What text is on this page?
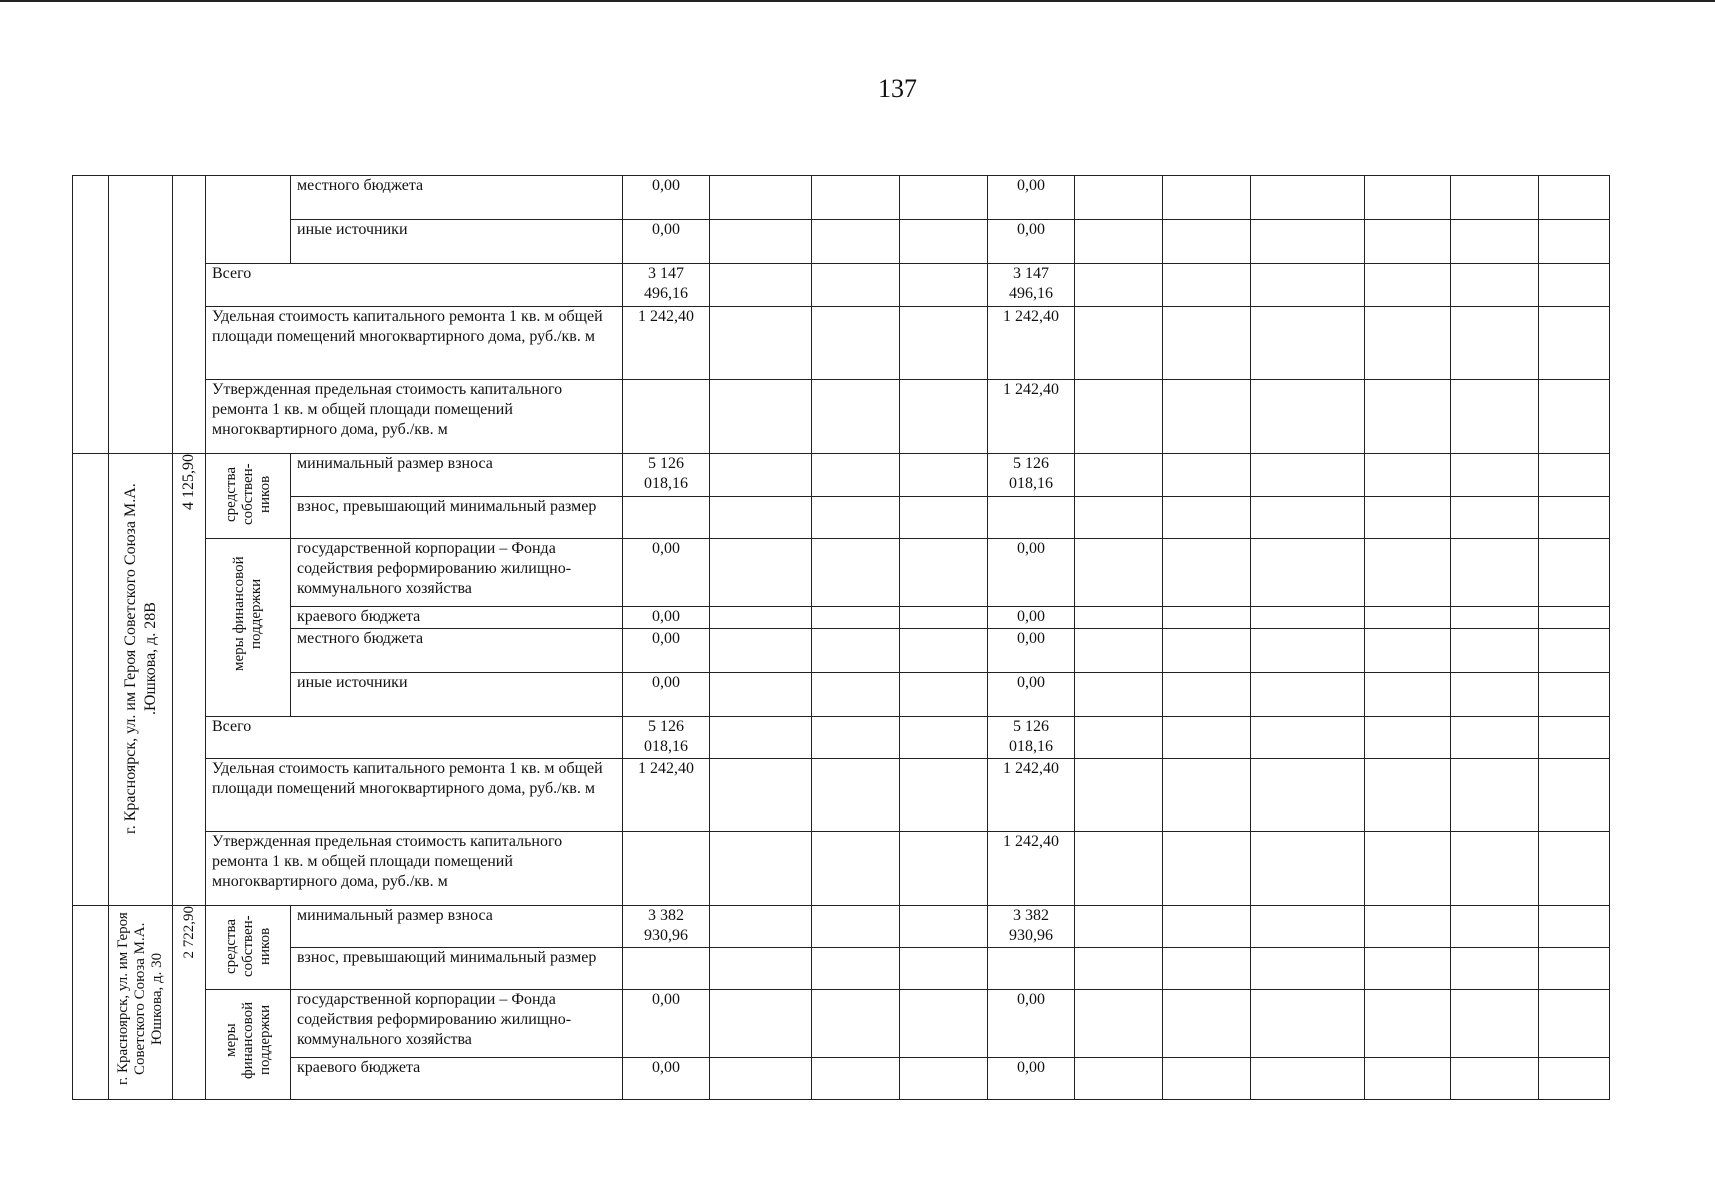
137
				местного бюджета	0,00				0,00						
				иные источники	0,00				0,00						
			Всего		3 147 496,16				3 147 496,16						
			Удельная стоимость капитального ремонта 1 кв. м общей площади помещений многоквартирного дома, руб./кв. м		1 242,40				1 242,40						
			Утвержденная предельная стоимость капитального ремонта 1 кв. м общей площади помещений многоквартирного дома, руб./кв. м						1 242,40						

	г. Красноярск, ул. им Героя Советского Союза М.А. .Юшкова, д. 28В	4 125,90	средства собствен-ников	минимальный размер взноса	5 126 018,16				5 126 018,16						
				взнос, превышающий минимальный размер											

			меры финансовой поддержки	государственной корпорации – Фонда содействия реформированию жилищно-коммунального хозяйства	0,00				0,00						
				краевого бюджета	0,00				0,00						
				местного бюджета	0,00				0,00						
				иные источники	0,00				0,00						
			Всего		5 126 018,16				5 126 018,16						
			Удельная стоимость капитального ремонта 1 кв. м общей площади помещений многоквартирного дома, руб./кв. м		1 242,40				1 242,40						
			Утвержденная предельная стоимость капитального ремонта 1 кв. м общей площади помещений многоквартирного дома, руб./кв. м						1 242,40						

	г. Красноярск, ул. им Героя Советского Союза М.А. Юшкова, д. 30	2 722,90	средства собствен-ников	минимальный размер взноса	3 382 930,96				3 382 930,96						
				взнос, превышающий минимальный размер											

			меры финансовой поддержки	государственной корпорации – Фонда содействия реформированию жилищно-коммунального хозяйства	0,00				0,00						
				краевого бюджета	0,00				0,00						
